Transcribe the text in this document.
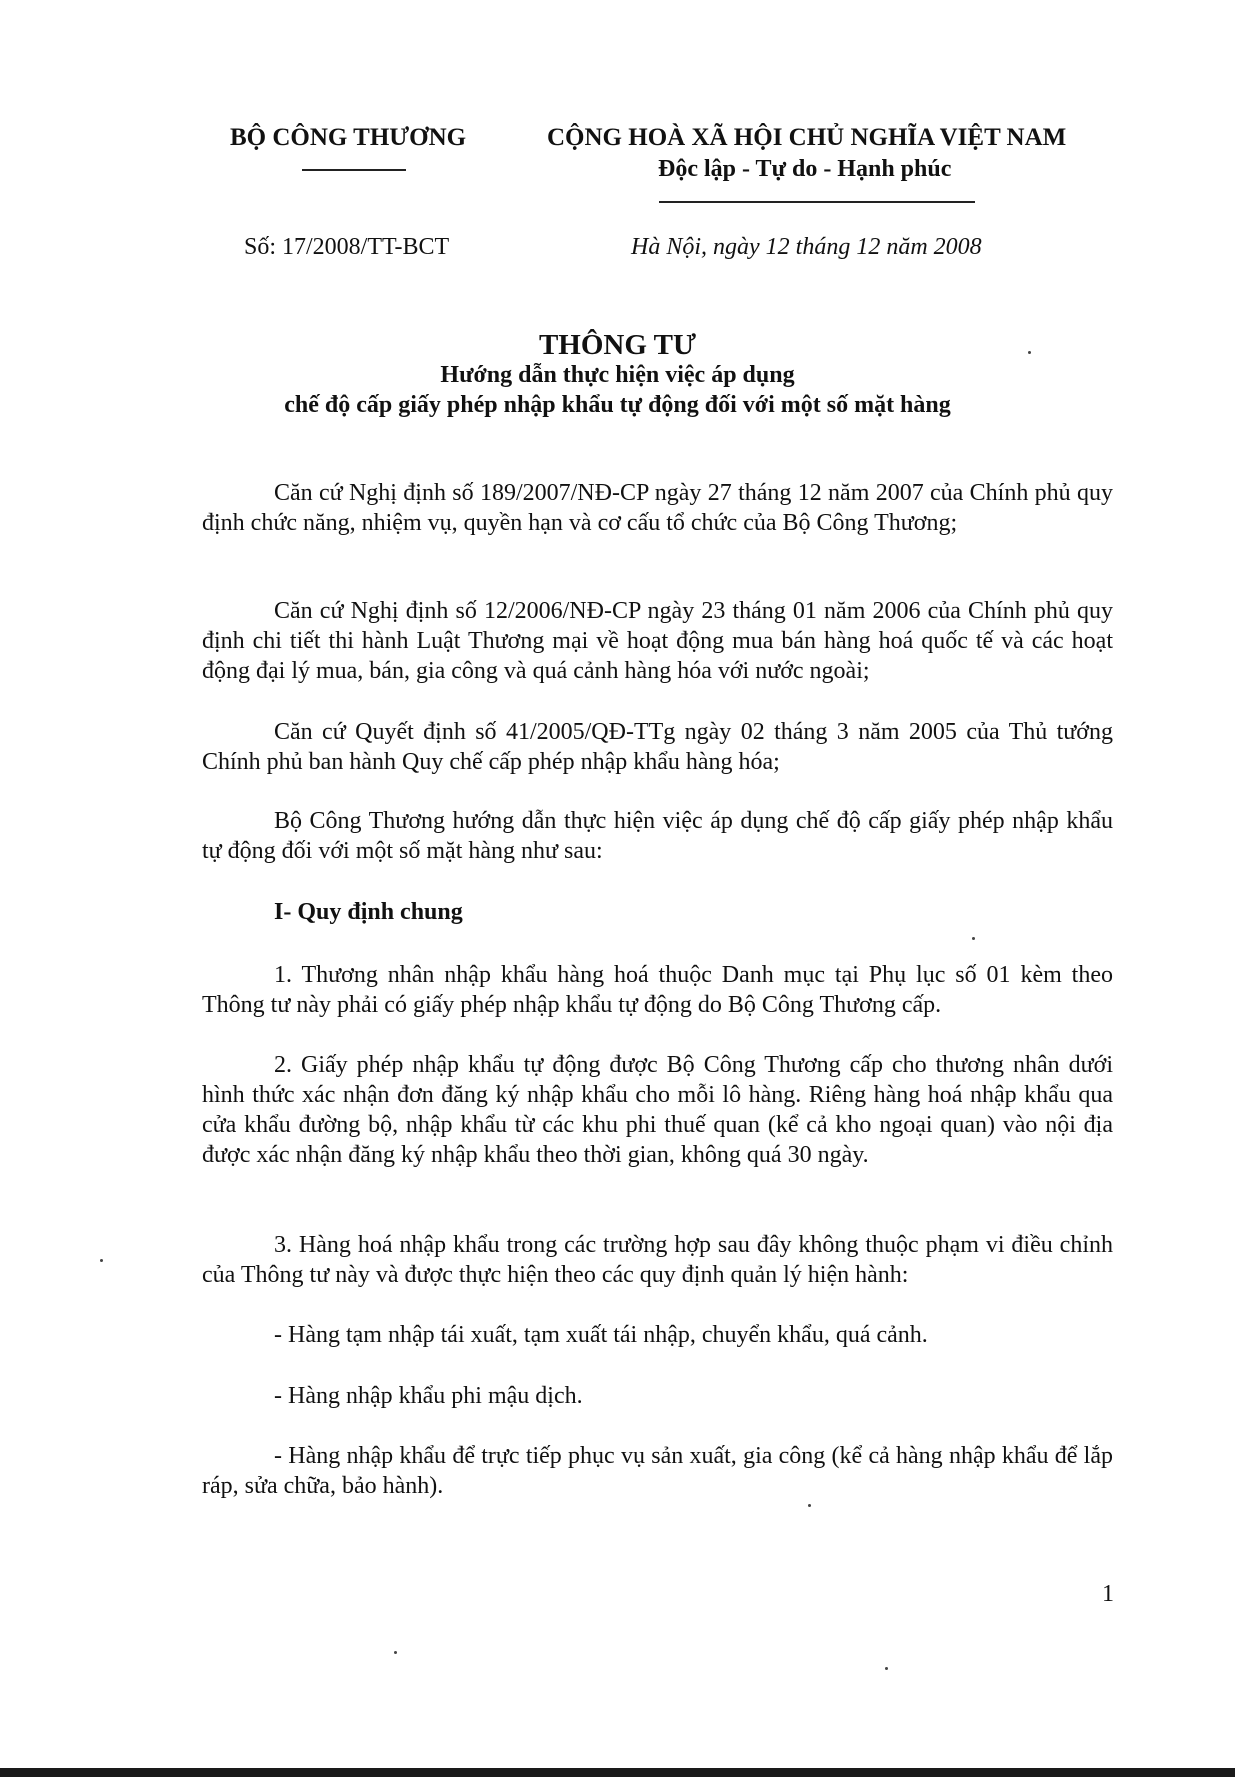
BỘ CÔNG THƯƠNG	CỘNG HOÀ XÃ HỘI CHỦ NGHĨA VIỆT NAM
Độc lập - Tự do - Hạnh phúc
Số: 17/2008/TT-BCT	Hà Nội, ngày 12 tháng 12 năm 2008
THÔNG TƯ
Hướng dẫn thực hiện việc áp dụng
chế độ cấp giấy phép nhập khẩu tự động đối với một số mặt hàng
Căn cứ Nghị định số 189/2007/NĐ-CP ngày 27 tháng 12 năm 2007 của Chính phủ quy định chức năng, nhiệm vụ, quyền hạn và cơ cấu tổ chức của Bộ Công Thương;
Căn cứ Nghị định số 12/2006/NĐ-CP ngày 23 tháng 01 năm 2006 của Chính phủ quy định chi tiết thi hành Luật Thương mại về hoạt động mua bán hàng hoá quốc tế và các hoạt động đại lý mua, bán, gia công và quá cảnh hàng hóa với nước ngoài;
Căn cứ Quyết định số 41/2005/QĐ-TTg ngày 02 tháng 3 năm 2005 của Thủ tướng Chính phủ ban hành Quy chế cấp phép nhập khẩu hàng hóa;
Bộ Công Thương hướng dẫn thực hiện việc áp dụng chế độ cấp giấy phép nhập khẩu tự động đối với một số mặt hàng như sau:
I- Quy định chung
1. Thương nhân nhập khẩu hàng hoá thuộc Danh mục tại Phụ lục số 01 kèm theo Thông tư này phải có giấy phép nhập khẩu tự động do Bộ Công Thương cấp.
2. Giấy phép nhập khẩu tự động được Bộ Công Thương cấp cho thương nhân dưới hình thức xác nhận đơn đăng ký nhập khẩu cho mỗi lô hàng. Riêng hàng hoá nhập khẩu qua cửa khẩu đường bộ, nhập khẩu từ các khu phi thuế quan (kể cả kho ngoại quan) vào nội địa được xác nhận đăng ký nhập khẩu theo thời gian, không quá 30 ngày.
3. Hàng hoá nhập khẩu trong các trường hợp sau đây không thuộc phạm vi điều chỉnh của Thông tư này và được thực hiện theo các quy định quản lý hiện hành:
- Hàng tạm nhập tái xuất, tạm xuất tái nhập, chuyển khẩu, quá cảnh.
- Hàng nhập khẩu phi mậu dịch.
- Hàng nhập khẩu để trực tiếp phục vụ sản xuất, gia công (kể cả hàng nhập khẩu để lắp ráp, sửa chữa, bảo hành).
1
